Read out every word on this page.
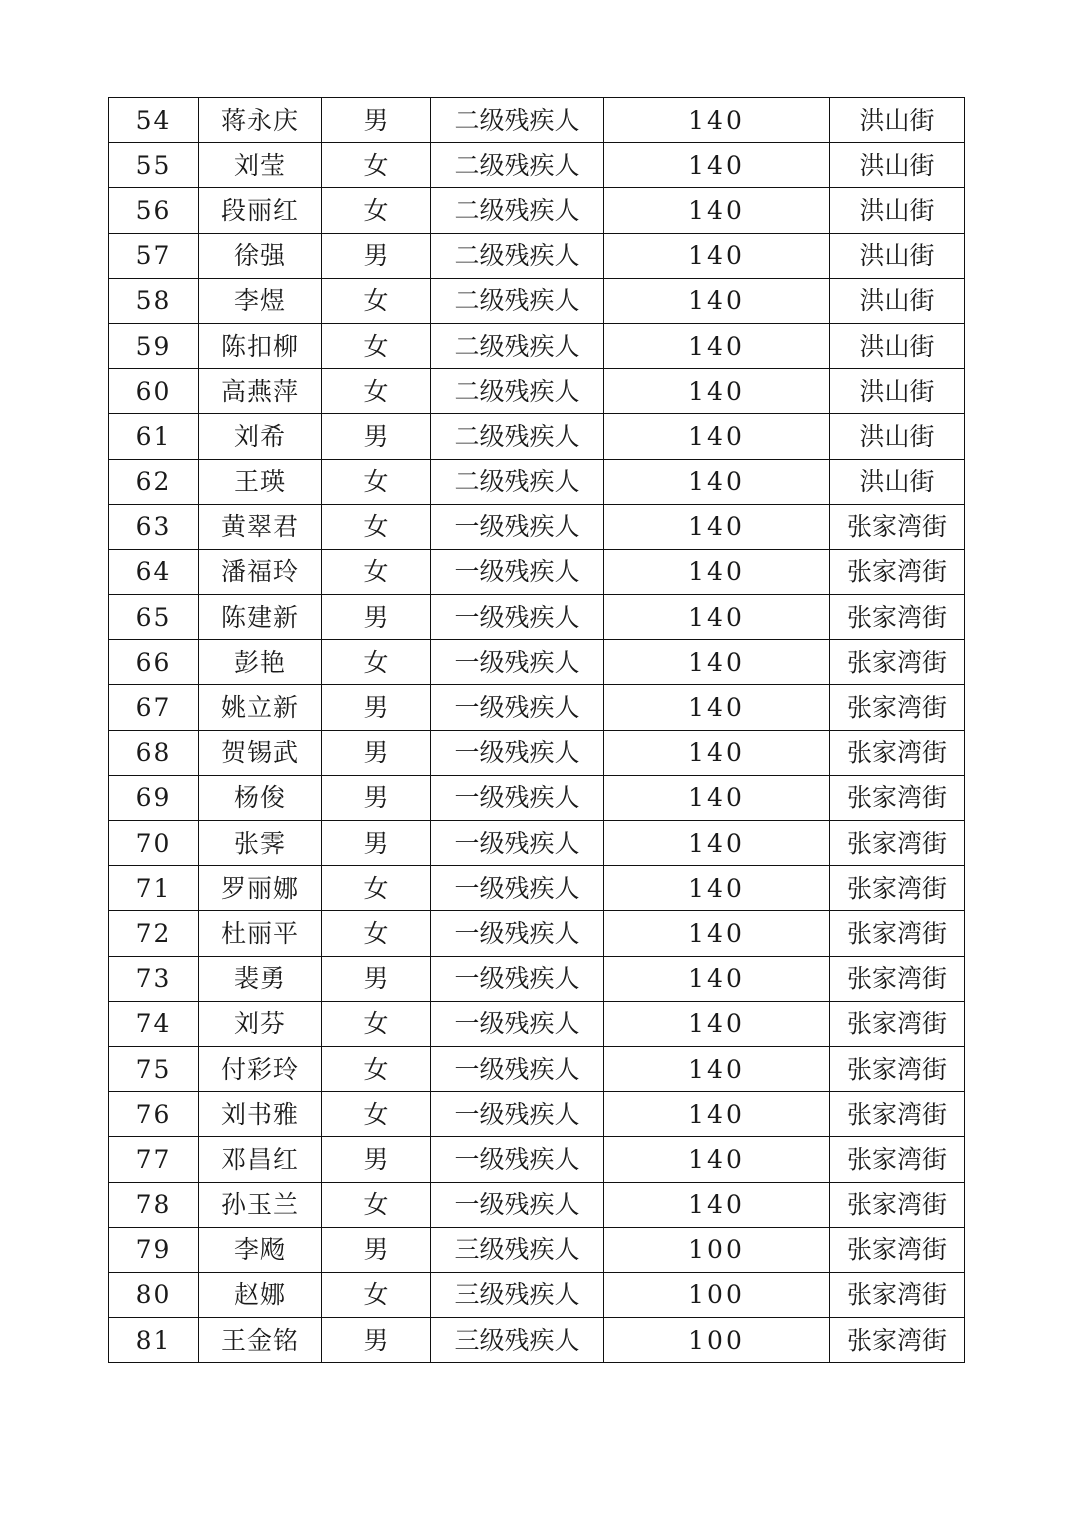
54	蒋永庆	男	二级残疾人	140	洪山街
55	刘莹	女	二级残疾人	140	洪山街
56	段丽红	女	二级残疾人	140	洪山街
57	徐强	男	二级残疾人	140	洪山街
58	李煜	女	二级残疾人	140	洪山街
59	陈扣柳	女	二级残疾人	140	洪山街
60	高燕萍	女	二级残疾人	140	洪山街
61	刘希	男	二级残疾人	140	洪山街
62	王瑛	女	二级残疾人	140	洪山街
63	黄翠君	女	一级残疾人	140	张家湾街
64	潘福玲	女	一级残疾人	140	张家湾街
65	陈建新	男	一级残疾人	140	张家湾街
66	彭艳	女	一级残疾人	140	张家湾街
67	姚立新	男	一级残疾人	140	张家湾街
68	贺锡武	男	一级残疾人	140	张家湾街
69	杨俊	男	一级残疾人	140	张家湾街
70	张霁	男	一级残疾人	140	张家湾街
71	罗丽娜	女	一级残疾人	140	张家湾街
72	杜丽平	女	一级残疾人	140	张家湾街
73	裴勇	男	一级残疾人	140	张家湾街
74	刘芬	女	一级残疾人	140	张家湾街
75	付彩玲	女	一级残疾人	140	张家湾街
76	刘书雅	女	一级残疾人	140	张家湾街
77	邓昌红	男	一级残疾人	140	张家湾街
78	孙玉兰	女	一级残疾人	140	张家湾街
79	李飏	男	三级残疾人	100	张家湾街
80	赵娜	女	三级残疾人	100	张家湾街
81	王金铭	男	三级残疾人	100	张家湾街
